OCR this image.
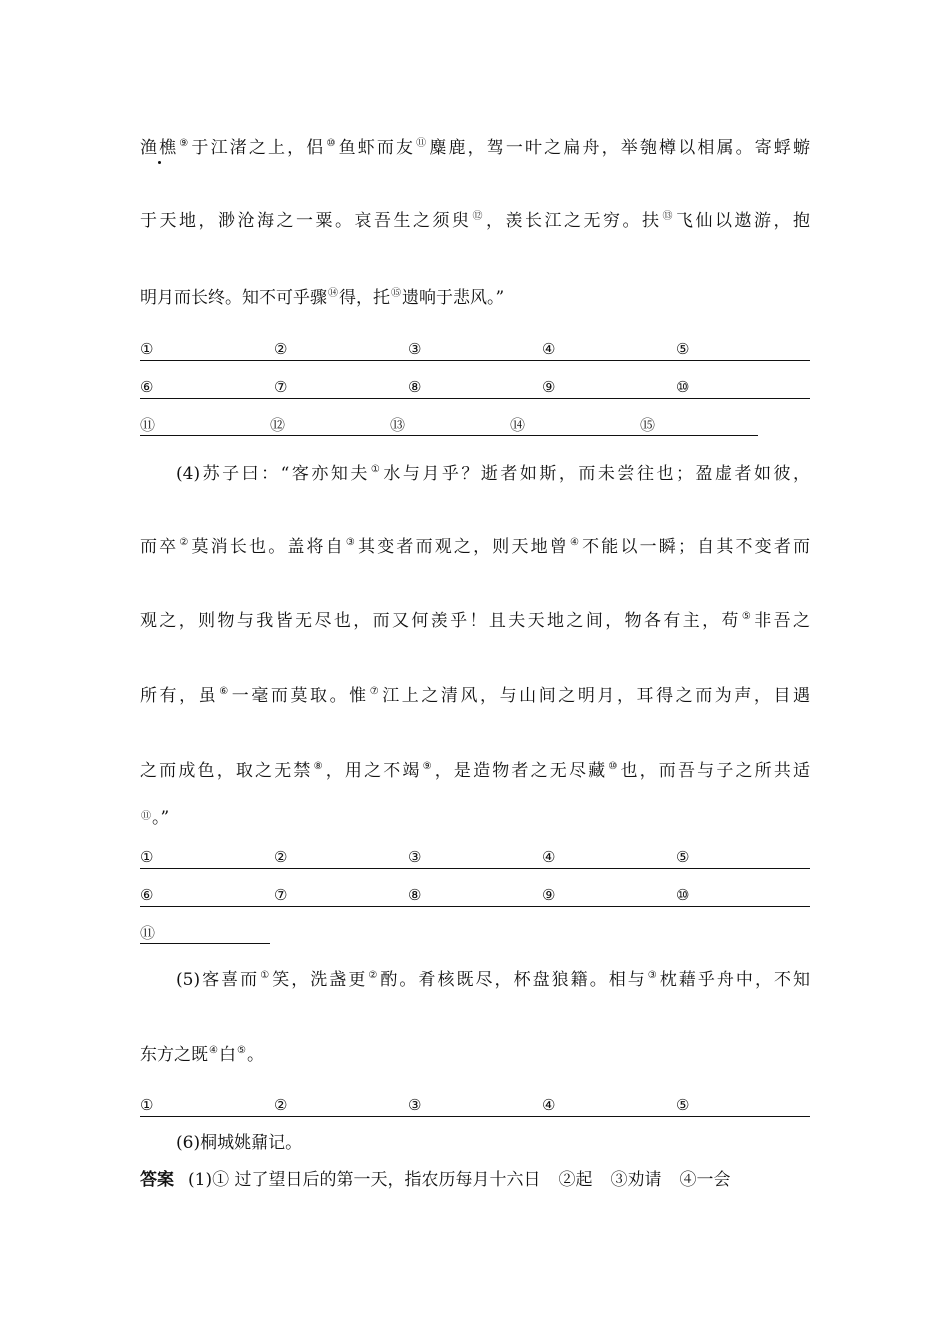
渔樵⑨于江渚之上，侣⑩鱼虾而友⑪麋鹿，驾一叶之扁舟，举匏樽以相属。寄蜉蝣
于天地，渺沧海之一粟。哀吾生之须臾⑫，羡长江之无穷。扶⑬飞仙以遨游，抱
明月而长终。知不可乎骤⑭得，托⑮遗响于悲风。”
①	②	③	④	⑤
⑥	⑦	⑧	⑨	⑩
⑪	⑫	⑬	⑭	⑮
(4)苏子曰：“客亦知夫①水与月乎？逝者如斯，而未尝往也；盈虚者如彼，
而卒②莫消长也。盖将自③其变者而观之，则天地曾④不能以一瞬；自其不变者而
观之，则物与我皆无尽也，而又何羡乎！且夫天地之间，物各有主，苟⑤非吾之
所有，虽⑥一毫而莫取。惟⑦江上之清风，与山间之明月，耳得之而为声，目遇
之而成色，取之无禁⑧，用之不竭⑨，是造物者之无尽藏⑩也，而吾与子之所共适
⑪。”
①	②	③	④	⑤
⑥	⑦	⑧	⑨	⑩
⑪
(5)客喜而①笑，洗盏更②酌。肴核既尽，杯盘狼籍。相与③枕藉乎舟中，不知
东方之既④白⑤。
①	②	③	④	⑤
(6)桐城姚鼐记。
答案 (1)① 过了望日后的第一天，指农历每月十六日 ②起 ③劝请 ④一会
